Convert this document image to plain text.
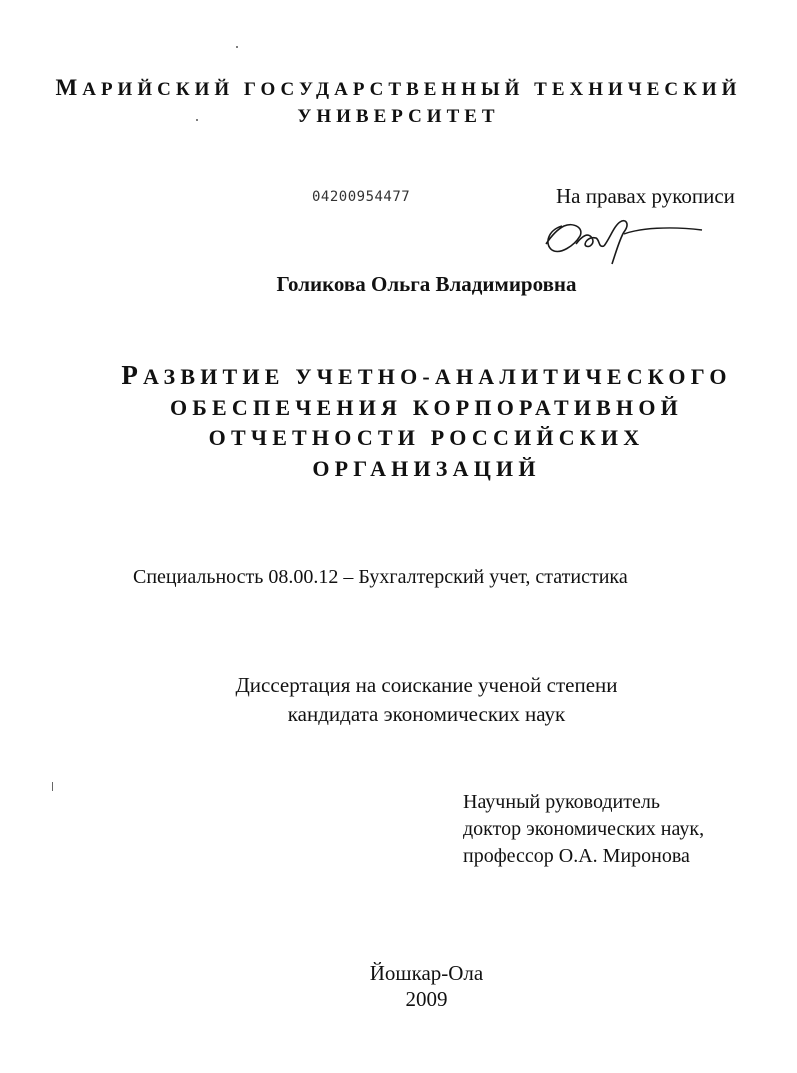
МАРИЙСКИЙ ГОСУДАРСТВЕННЫЙ ТЕХНИЧЕСКИЙ
УНИВЕРСИТЕТ
04200954477	На правах рукописи
Голикова Ольга Владимировна
РАЗВИТИЕ УЧЕТНО-АНАЛИТИЧЕСКОГО
ОБЕСПЕЧЕНИЯ КОРПОРАТИВНОЙ
ОТЧЕТНОСТИ РОССИЙСКИХ
ОРГАНИЗАЦИЙ
Специальность 08.00.12 – Бухгалтерский учет, статистика
Диссертация на соискание ученой степени
кандидата экономических наук
Научный руководитель
доктор экономических наук,
профессор О.А. Миронова
Йошкар-Ола
2009
